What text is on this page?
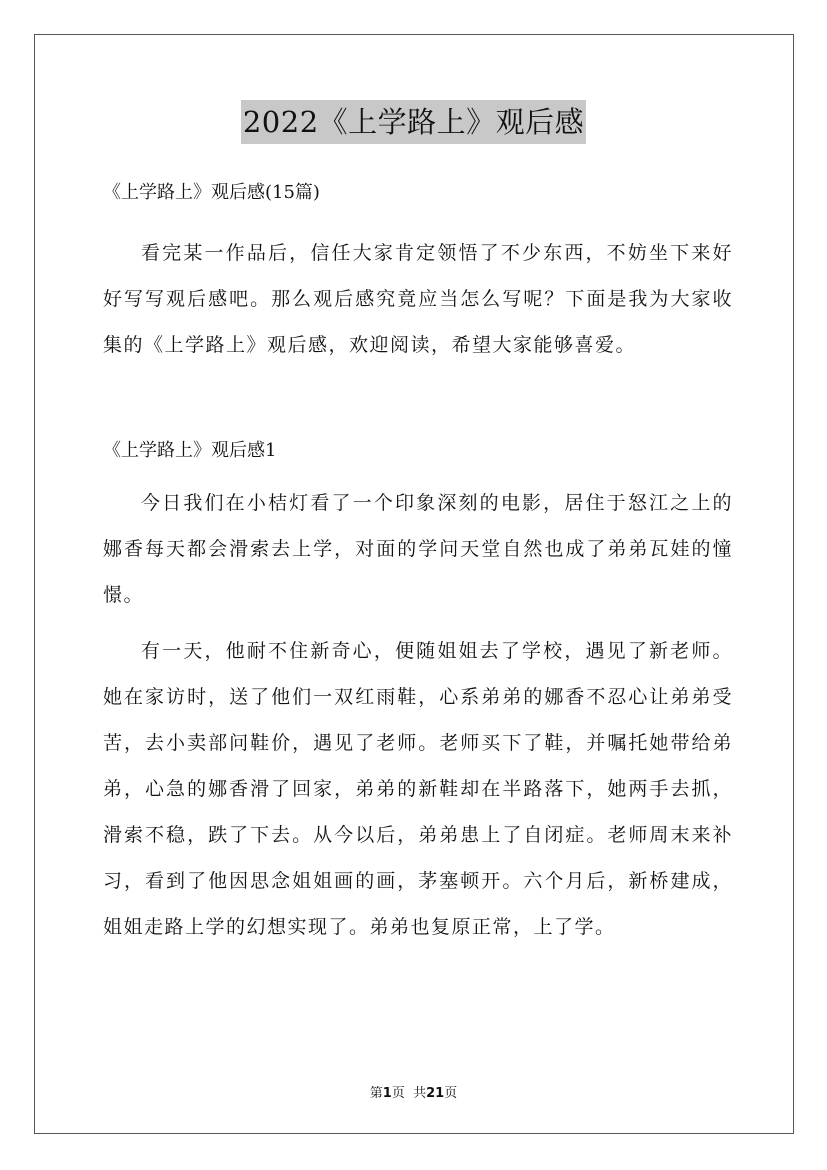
2022《上学路上》观后感

《上学路上》观后感(15篇)

看完某一作品后，信任大家肯定领悟了不少东西，不妨坐下来好好写写观后感吧。那么观后感究竟应当怎么写呢？下面是我为大家收集的《上学路上》观后感，欢迎阅读，希望大家能够喜爱。

《上学路上》观后感1

今日我们在小桔灯看了一个印象深刻的电影，居住于怒江之上的娜香每天都会滑索去上学，对面的学问天堂自然也成了弟弟瓦娃的憧憬。

有一天，他耐不住新奇心，便随姐姐去了学校，遇见了新老师。她在家访时，送了他们一双红雨鞋，心系弟弟的娜香不忍心让弟弟受苦，去小卖部问鞋价，遇见了老师。老师买下了鞋，并嘱托她带给弟弟，心急的娜香滑了回家，弟弟的新鞋却在半路落下，她两手去抓，滑索不稳，跌了下去。从今以后，弟弟患上了自闭症。老师周末来补习，看到了他因思念姐姐画的画，茅塞顿开。六个月后，新桥建成，姐姐走路上学的幻想实现了。弟弟也复原正常，上了学。

第1页 共21页
